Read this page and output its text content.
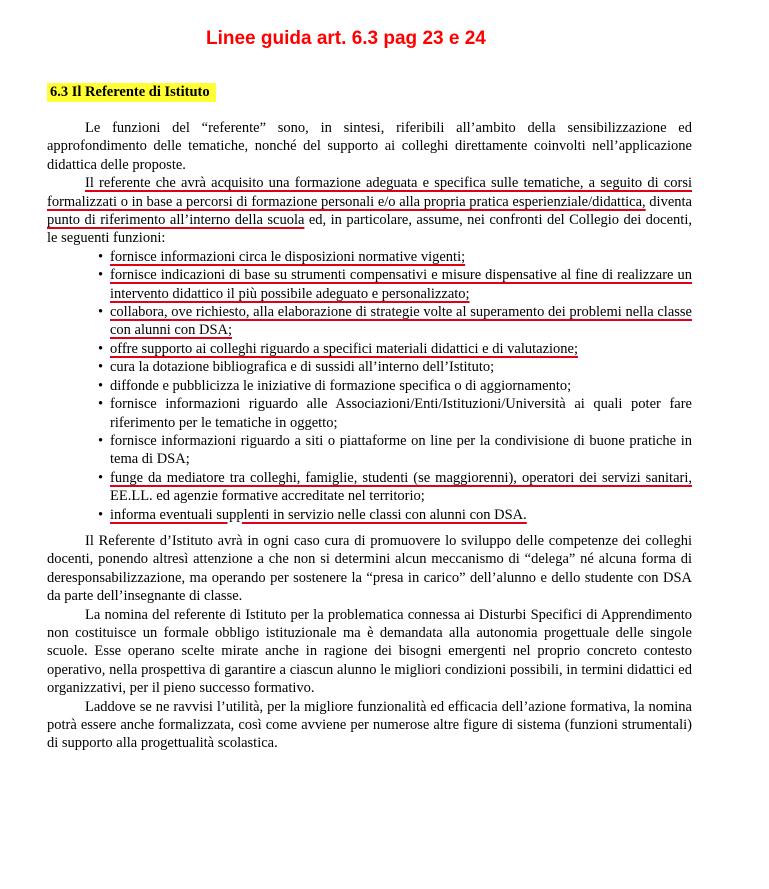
Linee guida art. 6.3 pag 23 e 24
6.3 Il Referente di Istituto

Le funzioni del “referente” sono, in sintesi, riferibili all’ambito della sensibilizzazione ed approfondimento delle tematiche, nonché del supporto ai colleghi direttamente coinvolti nell’applicazione didattica delle proposte.

Il referente che avrà acquisito una formazione adeguata e specifica sulle tematiche, a seguito di corsi formalizzati o in base a percorsi di formazione personali e/o alla propria pratica esperienziale/didattica, diventa punto di riferimento all’interno della scuola ed, in particolare, assume, nei confronti del Collegio dei docenti, le seguenti funzioni:

• fornisce informazioni circa le disposizioni normative vigenti;
• fornisce indicazioni di base su strumenti compensativi e misure dispensative al fine di realizzare un intervento didattico il più possibile adeguato e personalizzato;
• collabora, ove richiesto, alla elaborazione di strategie volte al superamento dei problemi nella classe con alunni con DSA;
• offre supporto ai colleghi riguardo a specifici materiali didattici e di valutazione;
• cura la dotazione bibliografica e di sussidi all’interno dell’Istituto;
• diffonde e pubblicizza le iniziative di formazione specifica o di aggiornamento;
• fornisce informazioni riguardo alle Associazioni/Enti/Istituzioni/Università ai quali poter fare riferimento per le tematiche in oggetto;
• fornisce informazioni riguardo a siti o piattaforme on line per la condivisione di buone pratiche in tema di DSA;
• funge da mediatore tra colleghi, famiglie, studenti (se maggiorenni), operatori dei servizi sanitari, EE.LL. ed agenzie formative accreditate nel territorio;
• informa eventuali supplenti in servizio nelle classi con alunni con DSA.

Il Referente d’Istituto avrà in ogni caso cura di promuovere lo sviluppo delle competenze dei colleghi docenti, ponendo altresì attenzione a che non si determini alcun meccanismo di “delega” né alcuna forma di deresponsabilizzazione, ma operando per sostenere la “presa in carico” dell’alunno e dello studente con DSA da parte dell’insegnante di classe.

La nomina del referente di Istituto per la problematica connessa ai Disturbi Specifici di Apprendimento non costituisce un formale obbligo istituzionale ma è demandata alla autonomia progettuale delle singole scuole. Esse operano scelte mirate anche in ragione dei bisogni emergenti nel proprio concreto contesto operativo, nella prospettiva di garantire a ciascun alunno le migliori condizioni possibili, in termini didattici ed organizzativi, per il pieno successo formativo.

Laddove se ne ravvisi l’utilità, per la migliore funzionalità ed efficacia dell’azione formativa, la nomina potrà essere anche formalizzata, così come avviene per numerose altre figure di sistema (funzioni strumentali) di supporto alla progettualità scolastica.
